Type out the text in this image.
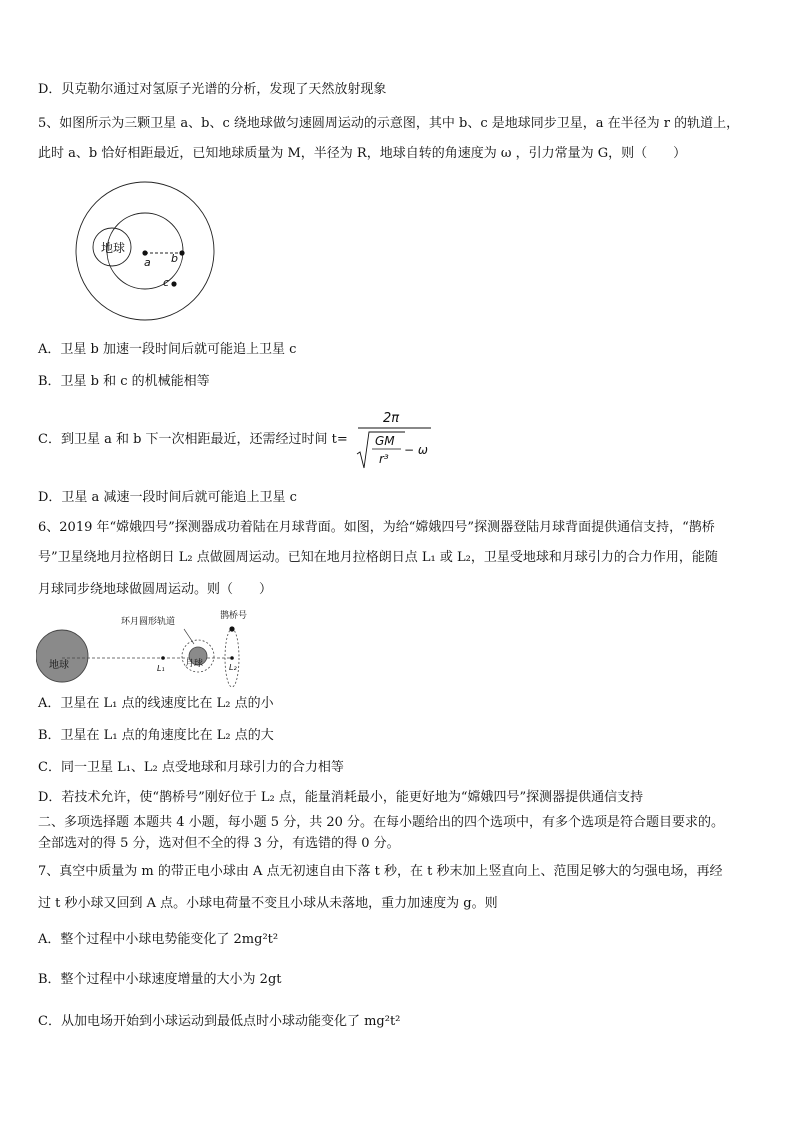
D．贝克勒尔通过对氢原子光谱的分析，发现了天然放射现象
5、如图所示为三颗卫星 a、b、c 绕地球做匀速圆周运动的示意图，其中 b、c 是地球同步卫星，a 在半径为 r 的轨道上，
此时 a、b 恰好相距最近，已知地球质量为 M，半径为 R，地球自转的角速度为 ω ，引力常量为 G，则（　　）
地球
a b
c
A．卫星 b 加速一段时间后就可能追上卫星 c
B．卫星 b 和 c 的机械能相等
C．到卫星 a 和 b 下一次相距最近，还需经过时间 t=
2π
GM
r³
− ω
D．卫星 a 减速一段时间后就可能追上卫星 c
6、2019 年“嫦娥四号”探测器成功着陆在月球背面。如图，为给“嫦娥四号”探测器登陆月球背面提供通信支持，“鹊桥
号”卫星绕地月拉格朗日 L₂ 点做圆周运动。已知在地月拉格朗日点 L₁ 或 L₂，卫星受地球和月球引力的合力作用，能随
月球同步绕地球做圆周运动。则（　　）
地球
环月圆形轨道
月球
L₁
鹊桥号
L₂
A．卫星在 L₁ 点的线速度比在 L₂ 点的小
B．卫星在 L₁ 点的角速度比在 L₂ 点的大
C．同一卫星 L₁、L₂ 点受地球和月球引力的合力相等
D．若技术允许，使“鹊桥号”刚好位于 L₂ 点，能量消耗最小，能更好地为“嫦娥四号”探测器提供通信支持
二、多项选择题 本题共 4 小题，每小题 5 分，共 20 分。在每小题给出的四个选项中，有多个选项是符合题目要求的。
全部选对的得 5 分，选对但不全的得 3 分，有选错的得 0 分。
7、真空中质量为 m 的带正电小球由 A 点无初速自由下落 t 秒，在 t 秒末加上竖直向上、范围足够大的匀强电场，再经
过 t 秒小球又回到 A 点。小球电荷量不变且小球从未落地，重力加速度为 g。则
A．整个过程中小球电势能变化了 2mg²t²
B．整个过程中小球速度增量的大小为 2gt
C．从加电场开始到小球运动到最低点时小球动能变化了 mg²t²
